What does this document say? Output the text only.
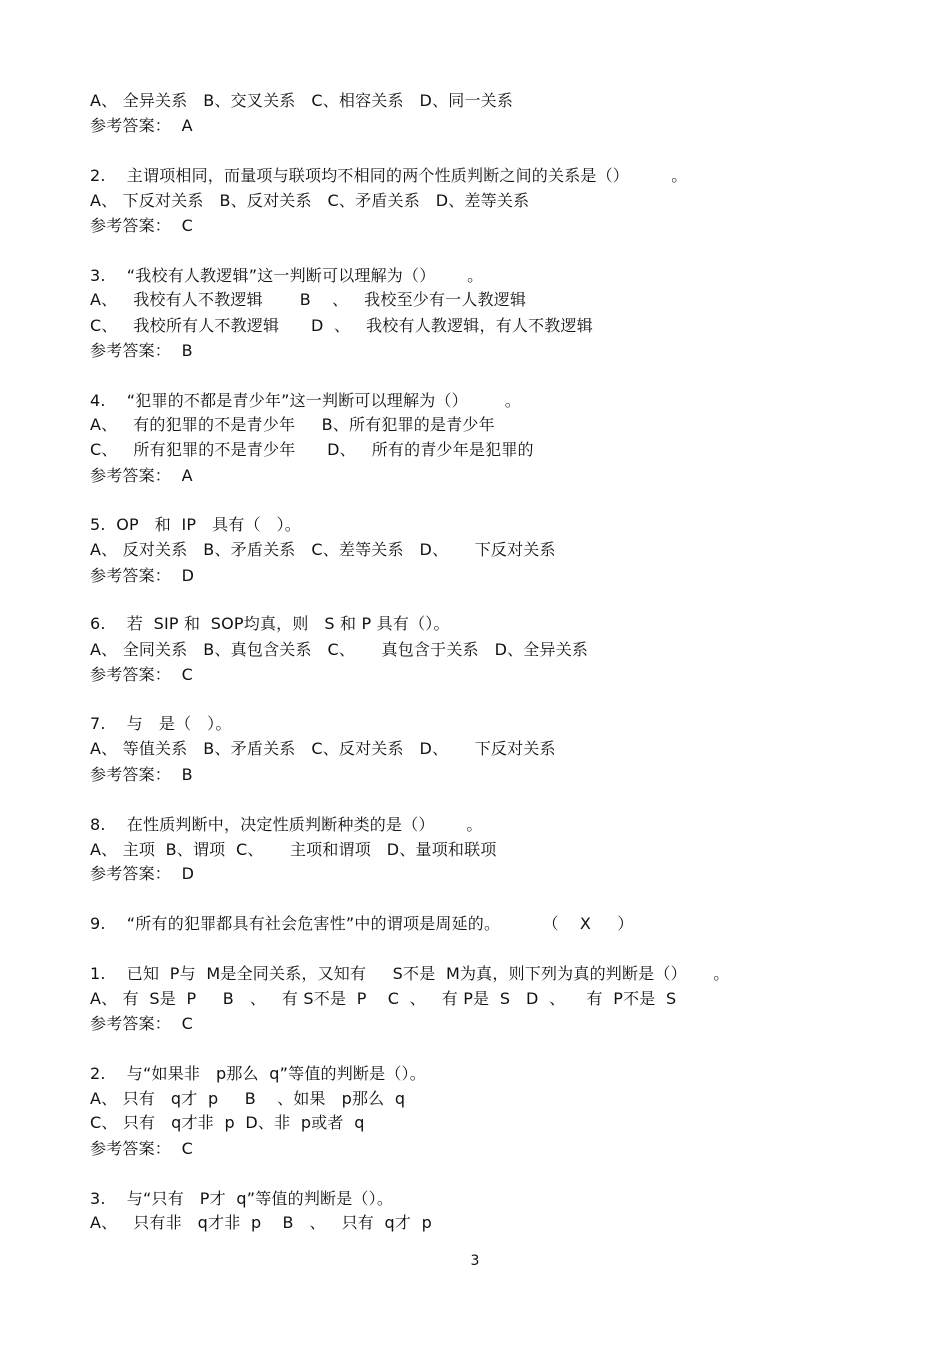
A、 全异关系   B、交叉关系   C、相容关系   D、同一关系
参考答案：  A
2.    主谓项相同，而量项与联项均不相同的两个性质判断之间的关系是（）        。
A、 下反对关系   B、反对关系   C、矛盾关系   D、差等关系
参考答案：  C
3.    “我校有人教逻辑”这一判断可以理解为（）      。
A、   我校有人不教逻辑       B    、   我校至少有一人教逻辑
C、   我校所有人不教逻辑      D  、   我校有人教逻辑，有人不教逻辑
参考答案：  B
4.    “犯罪的不都是青少年”这一判断可以理解为（）       。
A、   有的犯罪的不是青少年     B、所有犯罪的是青少年
C、   所有犯罪的不是青少年      D、   所有的青少年是犯罪的
参考答案：  A
5.  OP   和  IP   具有（   ）。
A、 反对关系   B、矛盾关系   C、差等关系   D、     下反对关系
参考答案：  D
6.    若  SIP 和  SOP均真，则   S 和 P 具有（）。
A、 全同关系   B、真包含关系   C、     真包含于关系   D、全异关系
参考答案：  C
7.    与   是（   ）。
A、 等值关系   B、矛盾关系   C、反对关系   D、     下反对关系
参考答案：  B
8.    在性质判断中，决定性质判断种类的是（）      。
A、 主项  B、谓项  C、     主项和谓项   D、量项和联项
参考答案：  D
9.    “所有的犯罪都具有社会危害性”中的谓项是周延的。        （    X     ）
1.    已知  P与  M是全同关系，又知有     S不是  M为真，则下列为真的判断是（）     。
A、 有  S是  P     B   、   有 S不是  P    C  、   有 P是  S   D  、    有  P不是  S
参考答案：  C
2.    与“如果非   p那么  q”等值的判断是（）。
A、 只有   q才  p     B    、如果   p那么  q
C、 只有   q才非  p  D、非  p或者  q
参考答案：  C
3.    与“只有   P才  q”等值的判断是（）。
A、   只有非   q才非  p    B   、   只有  q才  p
3
